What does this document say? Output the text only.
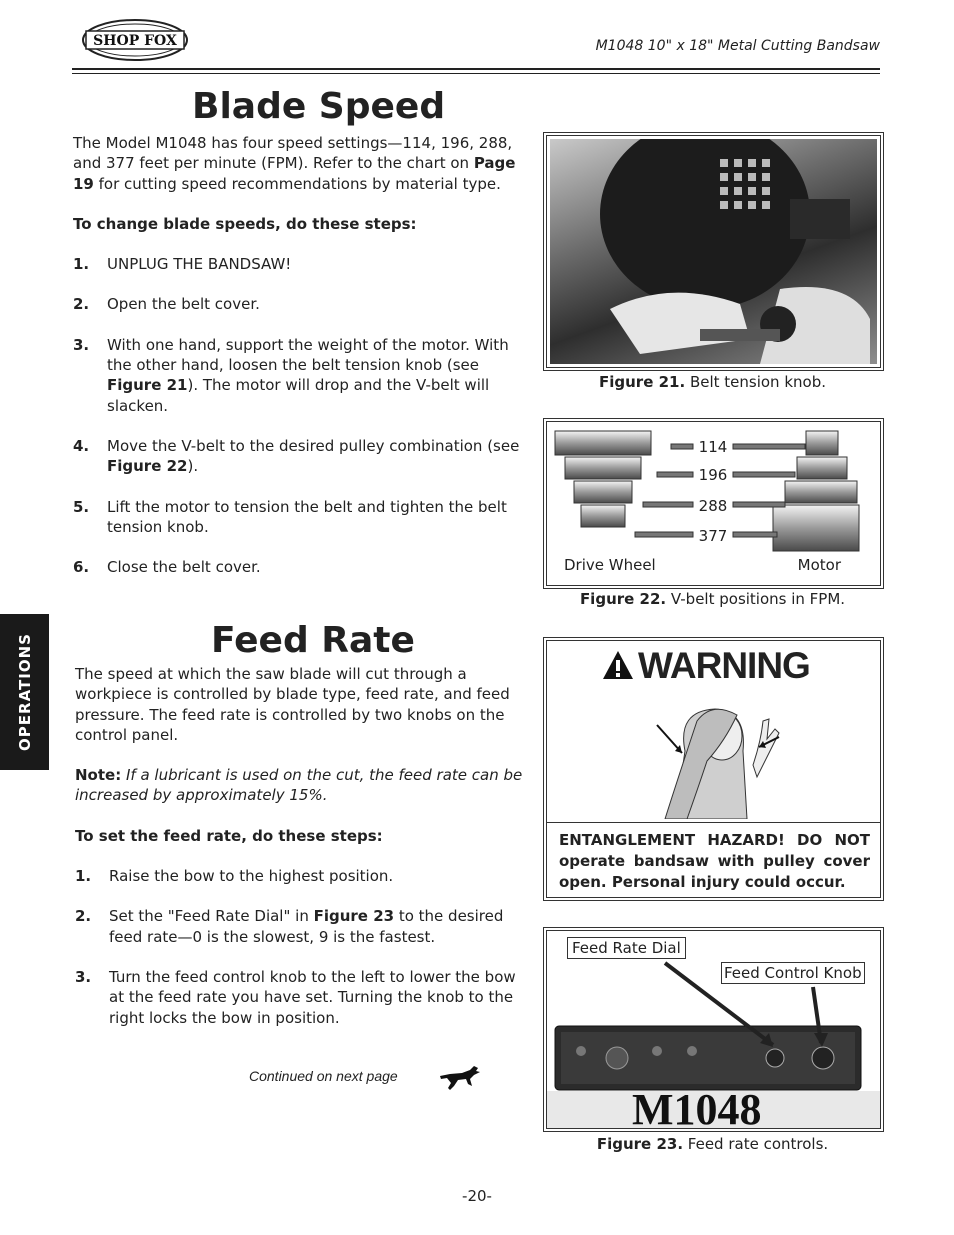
SHOP FOX	M1048 10" x 18" Metal Cutting Bandsaw
OPERATIONS
Blade Speed
The Model M1048 has four speed settings—114, 196, 288, and 377 feet per minute (FPM). Refer to the chart on Page 19 for cutting speed recommendations by material type.
To change blade speeds, do these steps:
1. UNPLUG THE BANDSAW!
2. Open the belt cover.
3. With one hand, support the weight of the motor. With the other hand, loosen the belt tension knob (see Figure 21). The motor will drop and the V-belt will slacken.
4. Move the V-belt to the desired pulley combination (see Figure 22).
5. Lift the motor to tension the belt and tighten the belt tension knob.
6. Close the belt cover.
Feed Rate
The speed at which the saw blade will cut through a workpiece is controlled by blade type, feed rate, and feed pressure. The feed rate is controlled by two knobs on the control panel.
Note: If a lubricant is used on the cut, the feed rate can be increased by approximately 15%.
To set the feed rate, do these steps:
1. Raise the bow to the highest position.
2. Set the "Feed Rate Dial" in Figure 23 to the desired feed rate—0 is the slowest, 9 is the fastest.
3. Turn the feed control knob to the left to lower the bow at the feed rate you have set. Turning the knob to the right locks the bow in position.
Continued on next page
Figure 21. Belt tension knob.
114
196
288
377
Drive Wheel	Motor
Figure 22. V-belt positions in FPM.
WARNING
ENTANGLEMENT HAZARD! DO NOT operate bandsaw with pulley cover open. Personal injury could occur.
M1048
Feed Rate Dial
Feed Control Knob
Figure 23. Feed rate controls.
-20-
